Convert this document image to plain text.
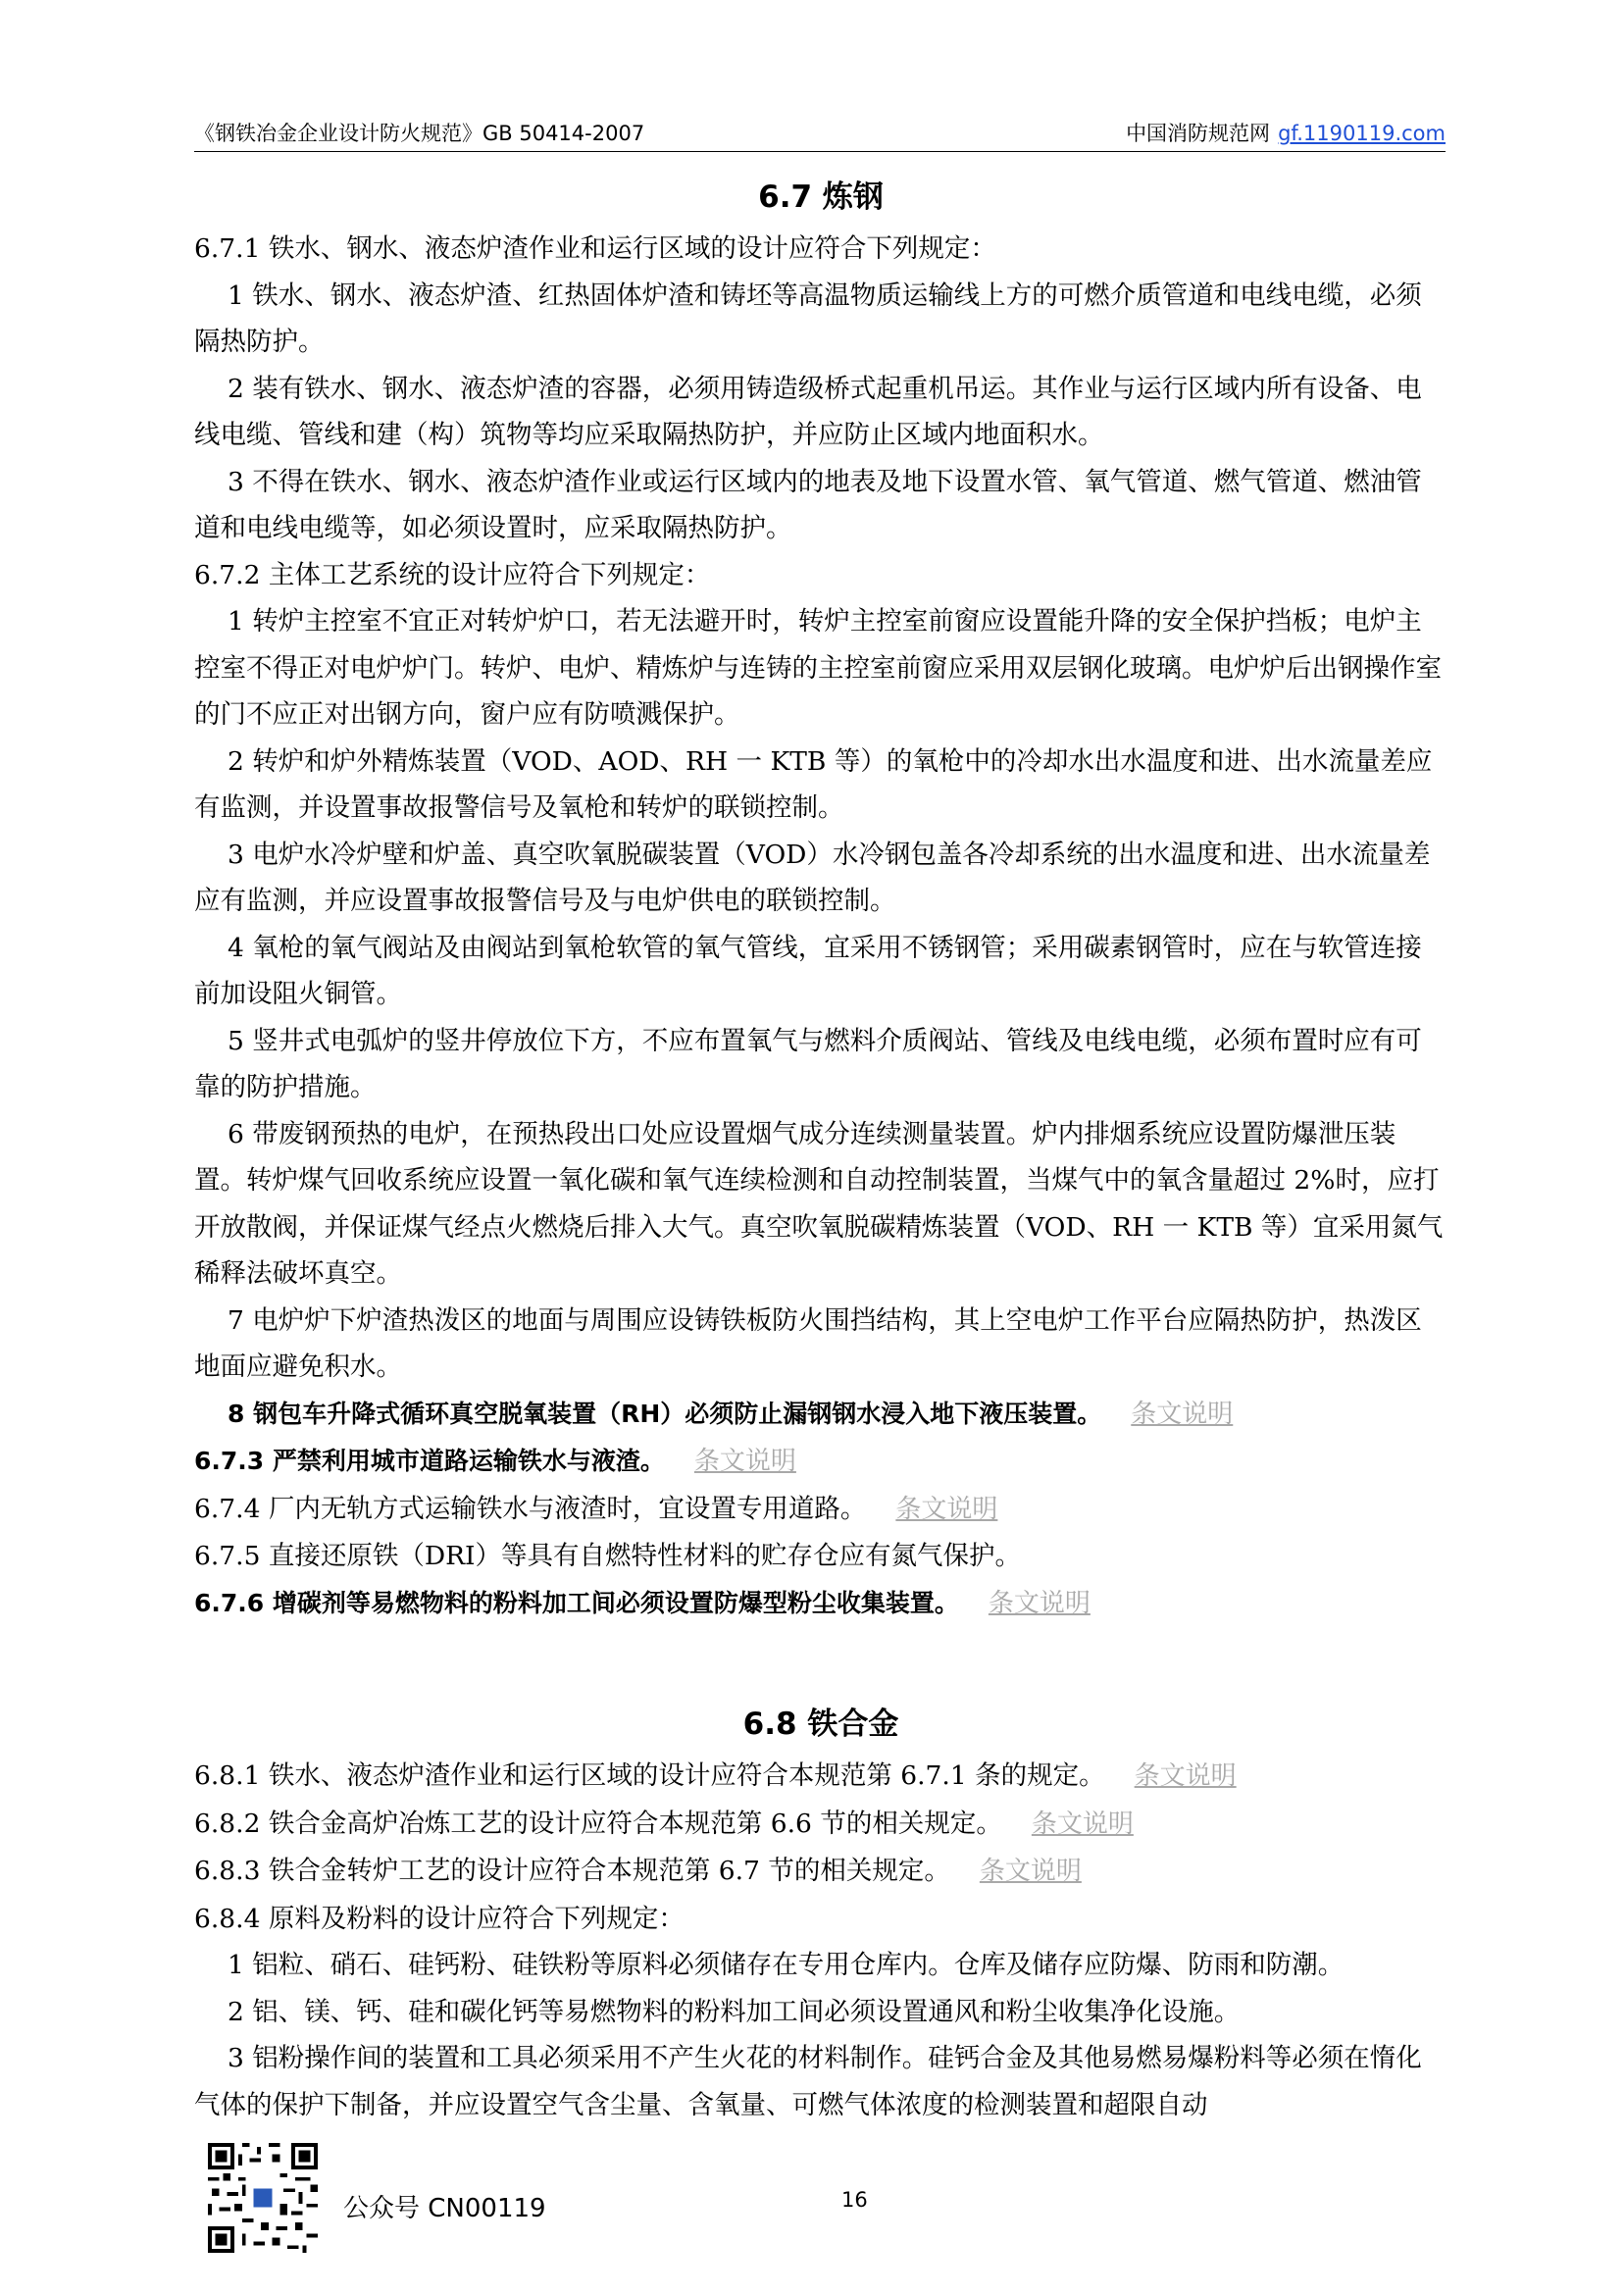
《钢铁冶金企业设计防火规范》GB 50414-2007	中国消防规范网 gf.1190119.com
6.7 炼钢

6.7.1 铁水、钢水、液态炉渣作业和运行区域的设计应符合下列规定：

1 铁水、钢水、液态炉渣、红热固体炉渣和铸坯等高温物质运输线上方的可燃介质管道和电线电缆，必须隔热防护。

2 装有铁水、钢水、液态炉渣的容器，必须用铸造级桥式起重机吊运。其作业与运行区域内所有设备、电线电缆、管线和建（构）筑物等均应采取隔热防护，并应防止区域内地面积水。

3 不得在铁水、钢水、液态炉渣作业或运行区域内的地表及地下设置水管、氧气管道、燃气管道、燃油管道和电线电缆等，如必须设置时，应采取隔热防护。

6.7.2 主体工艺系统的设计应符合下列规定：

1 转炉主控室不宜正对转炉炉口，若无法避开时，转炉主控室前窗应设置能升降的安全保护挡板；电炉主控室不得正对电炉炉门。转炉、电炉、精炼炉与连铸的主控室前窗应采用双层钢化玻璃。电炉炉后出钢操作室的门不应正对出钢方向，窗户应有防喷溅保护。

2 转炉和炉外精炼装置（VOD、AOD、RH 一 KTB 等）的氧枪中的冷却水出水温度和进、出水流量差应有监测，并设置事故报警信号及氧枪和转炉的联锁控制。

3 电炉水冷炉壁和炉盖、真空吹氧脱碳装置（VOD）水冷钢包盖各冷却系统的出水温度和进、出水流量差应有监测，并应设置事故报警信号及与电炉供电的联锁控制。

4 氧枪的氧气阀站及由阀站到氧枪软管的氧气管线，宜采用不锈钢管；采用碳素钢管时，应在与软管连接前加设阻火铜管。

5 竖井式电弧炉的竖井停放位下方，不应布置氧气与燃料介质阀站、管线及电线电缆，必须布置时应有可靠的防护措施。

6 带废钢预热的电炉，在预热段出口处应设置烟气成分连续测量装置。炉内排烟系统应设置防爆泄压装置。转炉煤气回收系统应设置一氧化碳和氧气连续检测和自动控制装置，当煤气中的氧含量超过 2%时，应打开放散阀，并保证煤气经点火燃烧后排入大气。真空吹氧脱碳精炼装置（VOD、RH 一 KTB 等）宜采用氮气稀释法破坏真空。

7 电炉炉下炉渣热泼区的地面与周围应设铸铁板防火围挡结构，其上空电炉工作平台应隔热防护，热泼区地面应避免积水。

8 钢包车升降式循环真空脱氧装置（RH）必须防止漏钢钢水浸入地下液压装置。 条文说明

6.7.3 严禁利用城市道路运输铁水与液渣。 条文说明

6.7.4 厂内无轨方式运输铁水与液渣时，宜设置专用道路。 条文说明

6.7.5 直接还原铁（DRI）等具有自燃特性材料的贮存仓应有氮气保护。

6.7.6 增碳剂等易燃物料的粉料加工间必须设置防爆型粉尘收集装置。 条文说明

6.8 铁合金

6.8.1 铁水、液态炉渣作业和运行区域的设计应符合本规范第 6.7.1 条的规定。 条文说明

6.8.2 铁合金高炉冶炼工艺的设计应符合本规范第 6.6 节的相关规定。 条文说明

6.8.3 铁合金转炉工艺的设计应符合本规范第 6.7 节的相关规定。 条文说明

6.8.4 原料及粉料的设计应符合下列规定：

1 铝粒、硝石、硅钙粉、硅铁粉等原料必须储存在专用仓库内。仓库及储存应防爆、防雨和防潮。

2 铝、镁、钙、硅和碳化钙等易燃物料的粉料加工间必须设置通风和粉尘收集净化设施。

3 铝粉操作间的装置和工具必须采用不产生火花的材料制作。硅钙合金及其他易燃易爆粉料等必须在惰化气体的保护下制备，并应设置空气含尘量、含氧量、可燃气体浓度的检测装置和超限自动

公众号 CN00119	16
